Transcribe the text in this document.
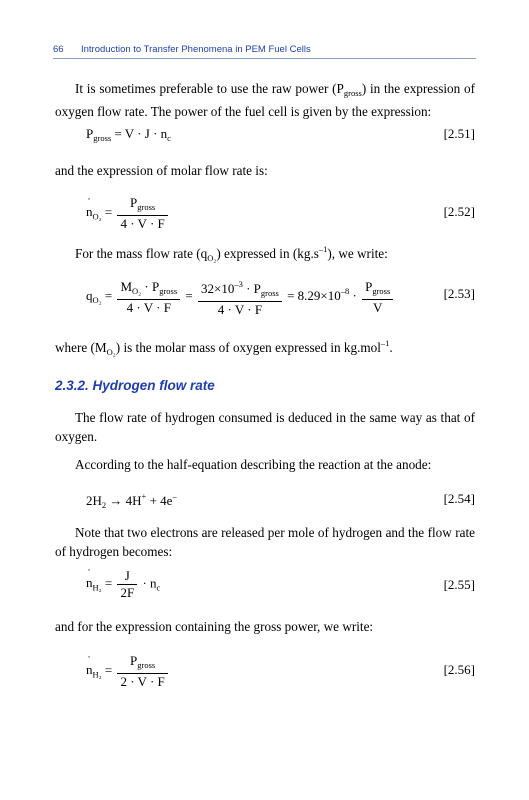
66 Introduction to Transfer Phenomena in PEM Fuel Cells
It is sometimes preferable to use the raw power $(P_{gross})$ in the expression of oxygen flow rate. The power of the fuel cell is given by the expression:
$P_{gross} = V \cdot J \cdot n_c$	[2.51]
and the expression of molar flow rate is:
˙ $n_{O_2} = \frac{P_{gross}}{4 \cdot V \cdot F}$	[2.52]
For the mass flow rate $(q_{O_2})$ expressed in $(kg.s^{-1})$, we write:
$q_{O_2} = \frac{M_{O_2} \cdot P_{gross}}{4 \cdot V \cdot F} = \frac{32\times 10^{-3} \cdot P_{gross}}{4 \cdot V \cdot F} = 8.29\times 10^{-8} \cdot \frac{P_{gross}}{V}$	[2.53]
where $(M_{O_2})$ is the molar mass of oxygen expressed in kg.mol$^{-1}$.
2.3.2. Hydrogen flow rate
The flow rate of hydrogen consumed is deduced in the same way as that of oxygen.
According to the half-equation describing the reaction at the anode:
$2H_2 \to 4H^+ + 4e^-$	[2.54]
Note that two electrons are released per mole of hydrogen and the flow rate of hydrogen becomes:
˙ $n_{H_2} = \frac{J}{2F} \cdot n_c$	[2.55]
and for the expression containing the gross power, we write:
˙ $n_{H_2} = \frac{P_{gross}}{2 \cdot V \cdot F}$	[2.56]
